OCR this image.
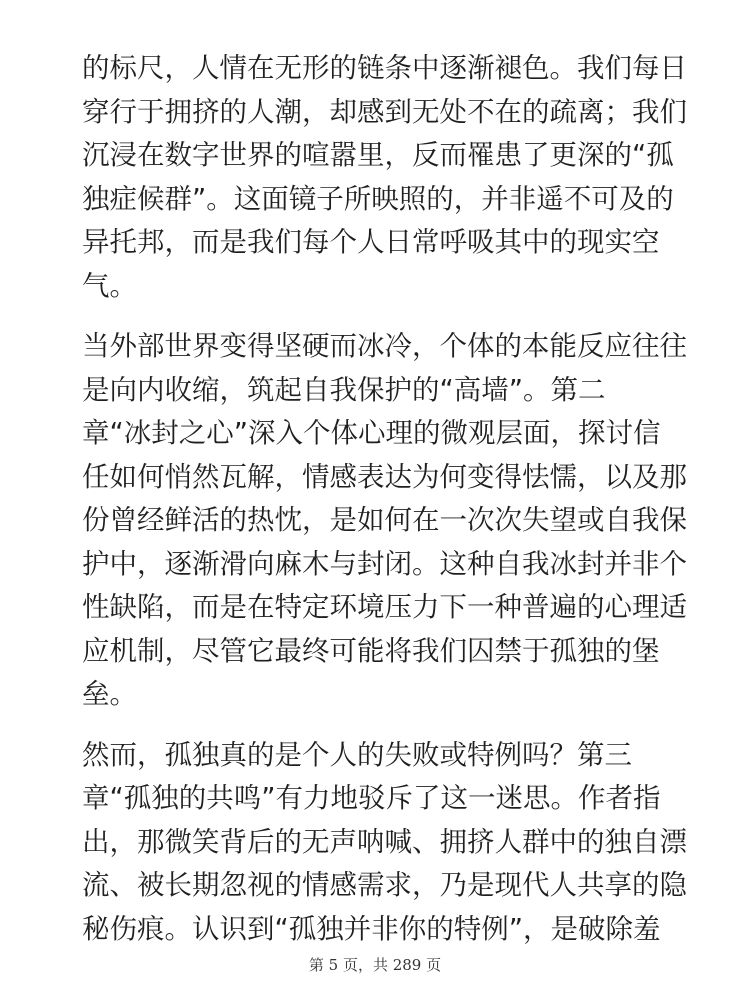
的标尺，人情在无形的链条中逐渐褪色。我们每日
穿行于拥挤的人潮，却感到无处不在的疏离；我们
沉浸在数字世界的喧嚣里，反而罹患了更深的“孤
独症候群”。这面镜子所映照的，并非遥不可及的
异托邦，而是我们每个人日常呼吸其中的现实空
气。

当外部世界变得坚硬而冰冷，个体的本能反应往往
是向内收缩，筑起自我保护的“高墙”。第二
章“冰封之心”深入个体心理的微观层面，探讨信
任如何悄然瓦解，情感表达为何变得怯懦，以及那
份曾经鲜活的热忱，是如何在一次次失望或自我保
护中，逐渐滑向麻木与封闭。这种自我冰封并非个
性缺陷，而是在特定环境压力下一种普遍的心理适
应机制，尽管它最终可能将我们囚禁于孤独的堡
垒。

然而，孤独真的是个人的失败或特例吗？第三
章“孤独的共鸣”有力地驳斥了这一迷思。作者指
出，那微笑背后的无声呐喊、拥挤人群中的独自漂
流、被长期忽视的情感需求，乃是现代人共享的隐
秘伤痕。认识到“孤独并非你的特例”，是破除羞

第 5 页，共 289 页
